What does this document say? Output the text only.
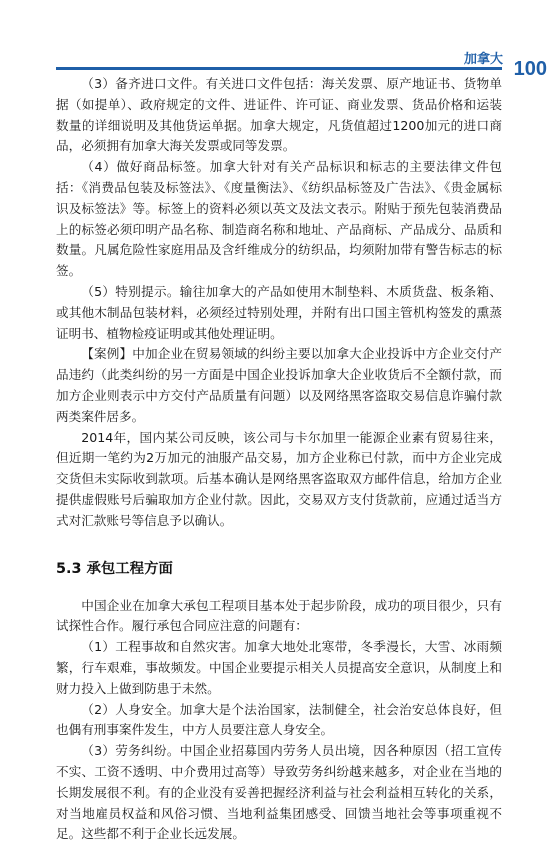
加拿大 100

（3）备齐进口文件。有关进口文件包括：海关发票、原产地证书、货物单据（如提单）、政府规定的文件、进证件、许可证、商业发票、货品价格和运装数量的详细说明及其他货运单据。加拿大规定，凡货值超过1200加元的进口商品，必须拥有加拿大海关发票或同等发票。

（4）做好商品标签。加拿大针对有关产品标识和标志的主要法律文件包括：《消费品包装及标签法》、《度量衡法》、《纺织品标签及广告法》、《贵金属标识及标签法》等。标签上的资料必须以英文及法文表示。附贴于预先包装消费品上的标签必须印明产品名称、制造商名称和地址、产品商标、产品成分、品质和数量。凡属危险性家庭用品及含纤维成分的纺织品，均须附加带有警告标志的标签。

（5）特别提示。输往加拿大的产品如使用木制垫料、木质货盘、板条箱、或其他木制品包装材料，必须经过特别处理，并附有出口国主管机构签发的熏蒸证明书、植物检疫证明或其他处理证明。

【案例】中加企业在贸易领域的纠纷主要以加拿大企业投诉中方企业交付产品违约（此类纠纷的另一方面是中国企业投诉加拿大企业收货后不全额付款，而加方企业则表示中方交付产品质量有问题）以及网络黑客盗取交易信息诈骗付款两类案件居多。

2014年，国内某公司反映，该公司与卡尔加里一能源企业素有贸易往来，但近期一笔约为2万加元的油服产品交易，加方企业称已付款，而中方企业完成交货但未实际收到款项。后基本确认是网络黑客盗取双方邮件信息，给加方企业提供虚假账号后骗取加方企业付款。因此，交易双方支付货款前，应通过适当方式对汇款账号等信息予以确认。

5.3 承包工程方面

中国企业在加拿大承包工程项目基本处于起步阶段，成功的项目很少，只有试探性合作。履行承包合同应注意的问题有：

（1）工程事故和自然灾害。加拿大地处北寒带，冬季漫长，大雪、冰雨频繁，行车艰难，事故频发。中国企业要提示相关人员提高安全意识，从制度上和财力投入上做到防患于未然。

（2）人身安全。加拿大是个法治国家，法制健全，社会治安总体良好，但也偶有刑事案件发生，中方人员要注意人身安全。

（3）劳务纠纷。中国企业招募国内劳务人员出境，因各种原因（招工宣传不实、工资不透明、中介费用过高等）导致劳务纠纷越来越多，对企业在当地的长期发展很不利。有的企业没有妥善把握经济利益与社会利益相互转化的关系，对当地雇员权益和风俗习惯、当地利益集团感受、回馈当地社会等事项重视不足。这些都不利于企业长远发展。
